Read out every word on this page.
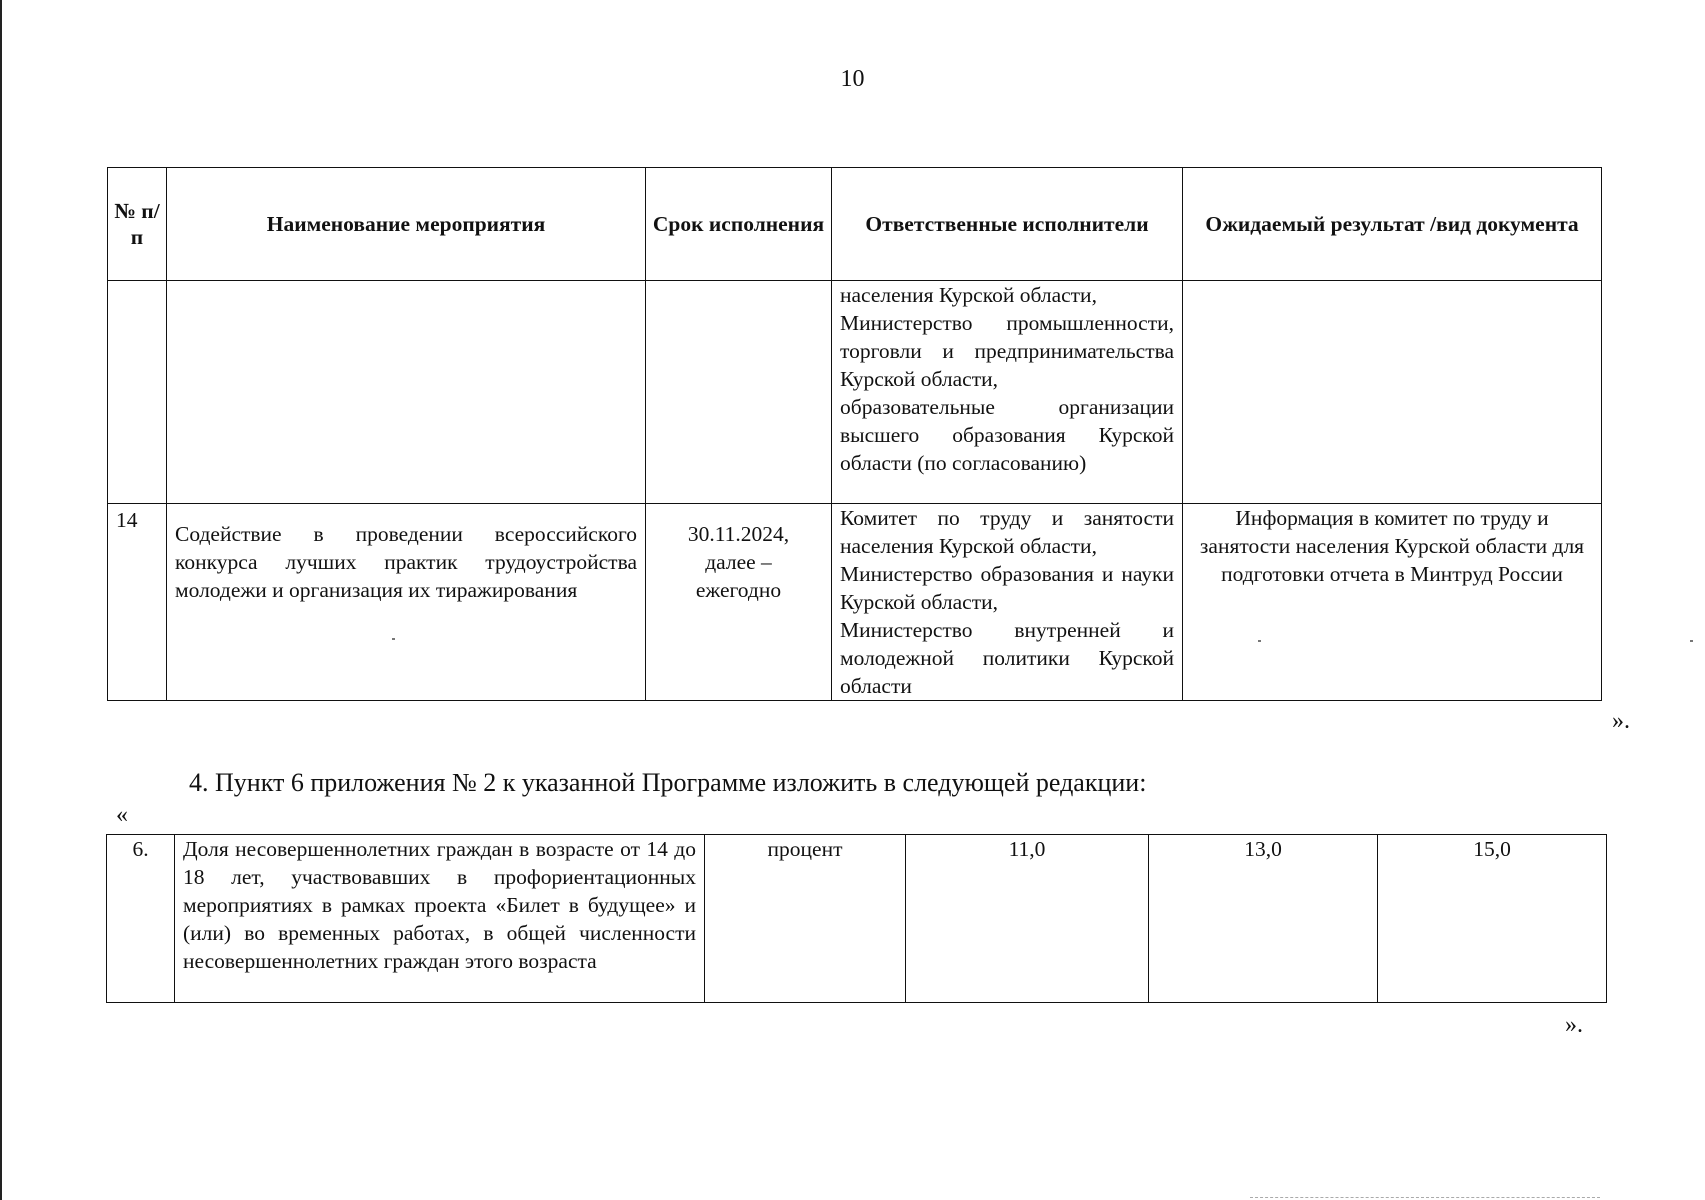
10
№ п/п	Наименование мероприятия	Срок исполнения	Ответственные исполнители	Ожидаемый результат /вид документа

			населения Курской области,
Министерство промышленности, торговли и предпринимательства Курской области,
образовательные организации высшего образования Курской области (по согласованию)	

14	Содействие в проведении всероссийского конкурса лучших практик трудоустройства молодежи и организация их тиражирования	30.11.2024, далее – ежегодно	Комитет по труду и занятости населения Курской области,
Министерство образования и науки Курской области,
Министерство внутренней и молодежной политики Курской области	Информация в комитет по труду и занятости населения Курской области для подготовки отчета в Минтруд России
».
4. Пункт 6 приложения № 2 к указанной Программе изложить в следующей редакции:
«
6.	Доля несовершеннолетних граждан в возрасте от 14 до 18 лет, участвовавших в профориентационных мероприятиях в рамках проекта «Билет в будущее» и (или) во временных работах, в общей численности несовершеннолетних граждан этого возраста	процент	11,0	13,0	15,0
».
